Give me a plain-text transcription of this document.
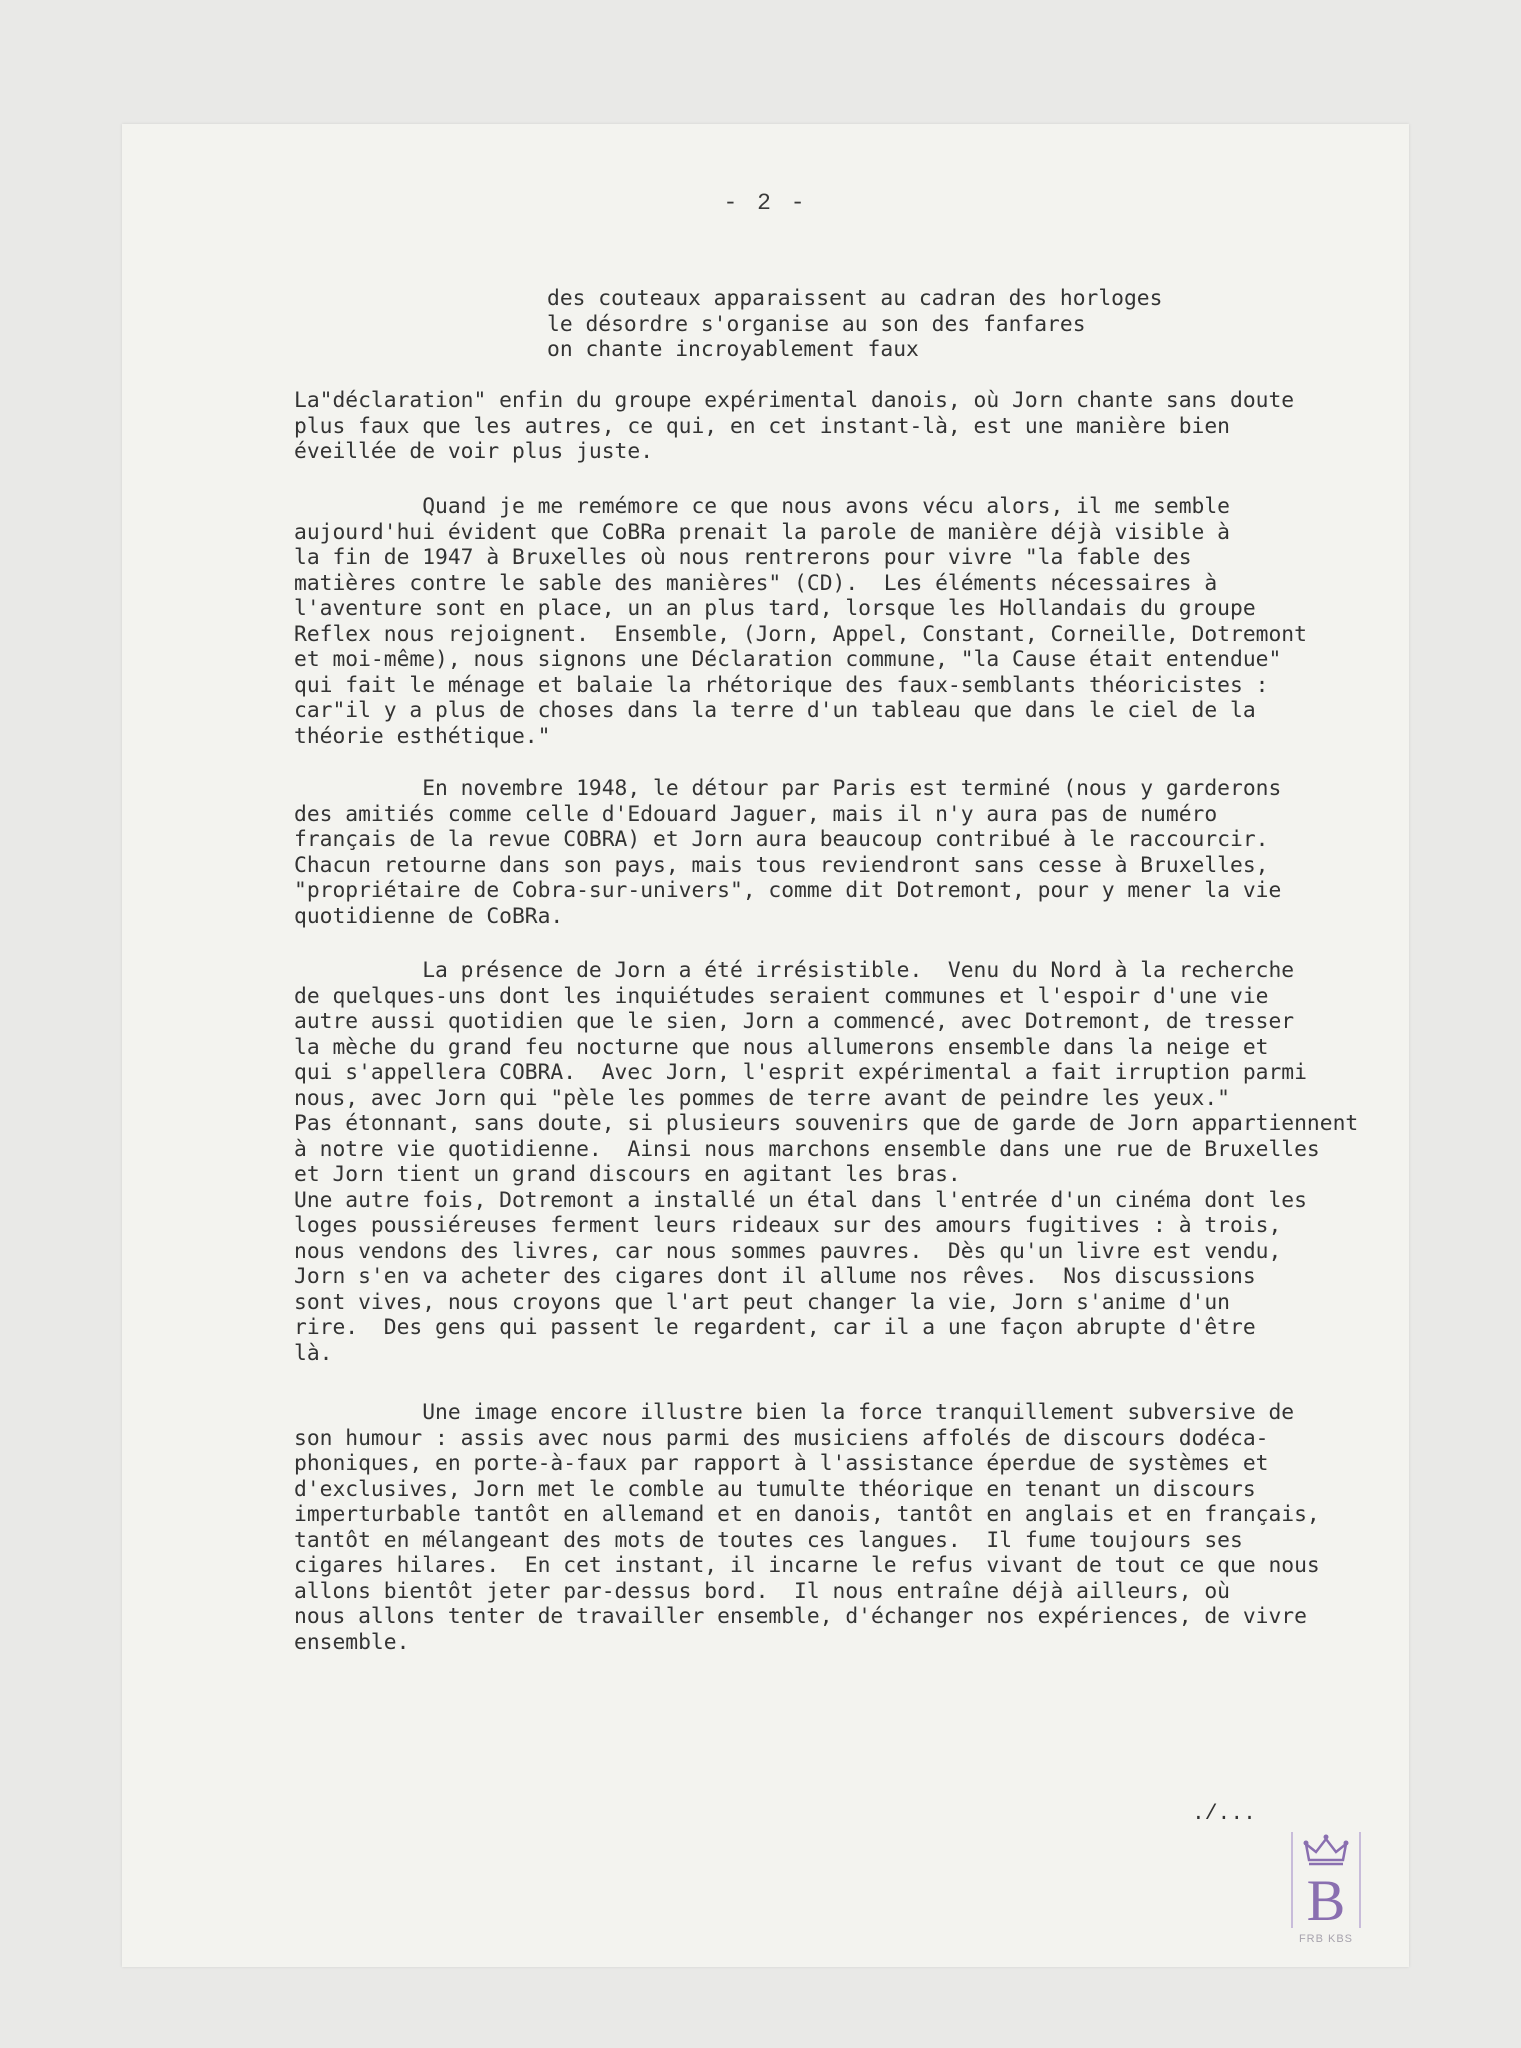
- 2 -
des couteaux apparaissent au cadran des horloges
le désordre s'organise au son des fanfares
on chante incroyablement faux
La"déclaration" enfin du groupe expérimental danois, où Jorn chante sans doute
plus faux que les autres, ce qui, en cet instant-là, est une manière bien
éveillée de voir plus juste.
Quand je me remémore ce que nous avons vécu alors, il me semble
aujourd'hui évident que CoBRa prenait la parole de manière déjà visible à
la fin de 1947 à Bruxelles où nous rentrerons pour vivre "la fable des
matières contre le sable des manières" (CD).  Les éléments nécessaires à
l'aventure sont en place, un an plus tard, lorsque les Hollandais du groupe
Reflex nous rejoignent.  Ensemble, (Jorn, Appel, Constant, Corneille, Dotremont
et moi-même), nous signons une Déclaration commune, "la Cause était entendue"
qui fait le ménage et balaie la rhétorique des faux-semblants théoricistes :
car"il y a plus de choses dans la terre d'un tableau que dans le ciel de la
théorie esthétique."
En novembre 1948, le détour par Paris est terminé (nous y garderons
des amitiés comme celle d'Edouard Jaguer, mais il n'y aura pas de numéro
français de la revue COBRA) et Jorn aura beaucoup contribué à le raccourcir.
Chacun retourne dans son pays, mais tous reviendront sans cesse à Bruxelles,
"propriétaire de Cobra-sur-univers", comme dit Dotremont, pour y mener la vie
quotidienne de CoBRa.
La présence de Jorn a été irrésistible.  Venu du Nord à la recherche
de quelques-uns dont les inquiétudes seraient communes et l'espoir d'une vie
autre aussi quotidien que le sien, Jorn a commencé, avec Dotremont, de tresser
la mèche du grand feu nocturne que nous allumerons ensemble dans la neige et
qui s'appellera COBRA.  Avec Jorn, l'esprit expérimental a fait irruption parmi
nous, avec Jorn qui "pèle les pommes de terre avant de peindre les yeux."
Pas étonnant, sans doute, si plusieurs souvenirs que de garde de Jorn appartiennent
à notre vie quotidienne.  Ainsi nous marchons ensemble dans une rue de Bruxelles
et Jorn tient un grand discours en agitant les bras.
Une autre fois, Dotremont a installé un étal dans l'entrée d'un cinéma dont les
loges poussiéreuses ferment leurs rideaux sur des amours fugitives : à trois,
nous vendons des livres, car nous sommes pauvres.  Dès qu'un livre est vendu,
Jorn s'en va acheter des cigares dont il allume nos rêves.  Nos discussions
sont vives, nous croyons que l'art peut changer la vie, Jorn s'anime d'un
rire.  Des gens qui passent le regardent, car il a une façon abrupte d'être
là.
Une image encore illustre bien la force tranquillement subversive de
son humour : assis avec nous parmi des musiciens affolés de discours dodéca-
phoniques, en porte-à-faux par rapport à l'assistance éperdue de systèmes et
d'exclusives, Jorn met le comble au tumulte théorique en tenant un discours
imperturbable tantôt en allemand et en danois, tantôt en anglais et en français,
tantôt en mélangeant des mots de toutes ces langues.  Il fume toujours ses
cigares hilares.  En cet instant, il incarne le refus vivant de tout ce que nous
allons bientôt jeter par-dessus bord.  Il nous entraîne déjà ailleurs, où
nous allons tenter de travailler ensemble, d'échanger nos expériences, de vivre
ensemble.
./...
B
FRB KBS
